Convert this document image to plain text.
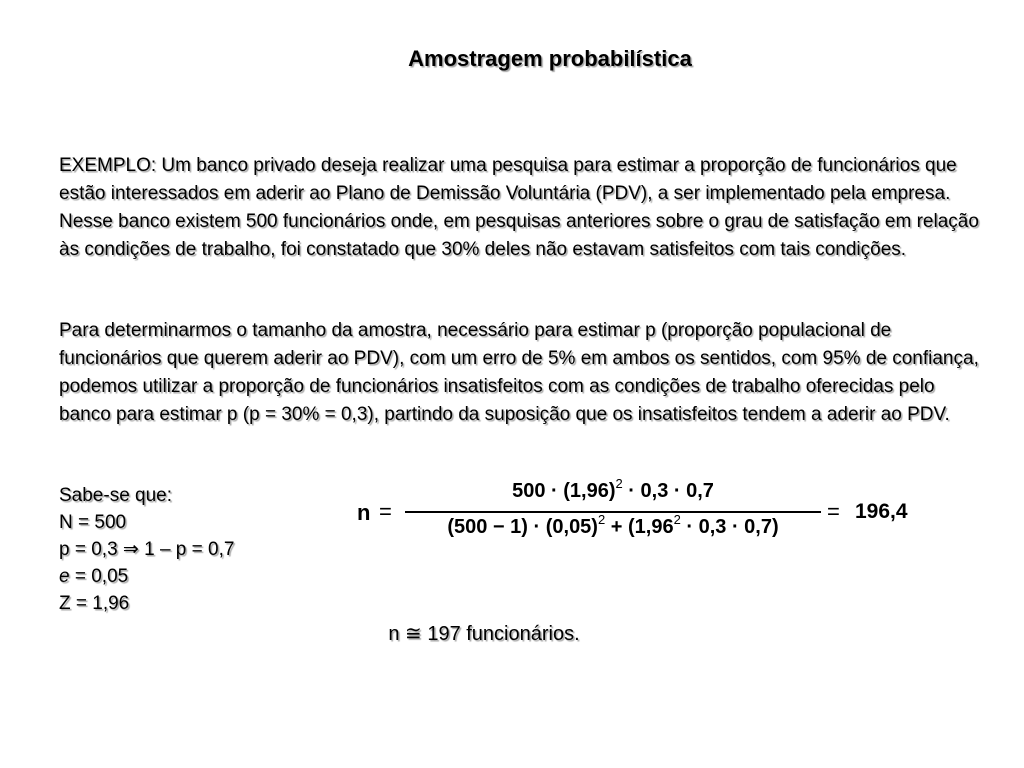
Amostragem probabilística

EXEMPLO: Um banco privado deseja realizar uma pesquisa para estimar a proporção de funcionários que estão interessados em aderir ao Plano de Demissão Voluntária (PDV), a ser implementado pela empresa. Nesse banco existem 500 funcionários onde, em pesquisas anteriores sobre o grau de satisfação em relação às condições de trabalho, foi constatado que 30% deles não estavam satisfeitos com tais condições.

Para determinarmos o tamanho da amostra, necessário para estimar p (proporção populacional de funcionários que querem aderir ao PDV), com um erro de 5% em ambos os sentidos, com 95% de confiança, podemos utilizar a proporção de funcionários insatisfeitos com as condições de trabalho oferecidas pelo banco para estimar p (p = 30% = 0,3), partindo da suposição que os insatisfeitos tendem a aderir ao PDV.

Sabe-se que:
N = 500
p = 0,3 ⇒ 1 – p = 0,7
e = 0,05
Z = 1,96
n =
$500 \cdot (1,96)^2 \cdot 0,3 \cdot 0,7$
$(500 - 1) \cdot (0,05)^2 + (1,96^2 \cdot 0,3 \cdot 0,7)$
= 196,4
n ≅ 197 funcionários.
